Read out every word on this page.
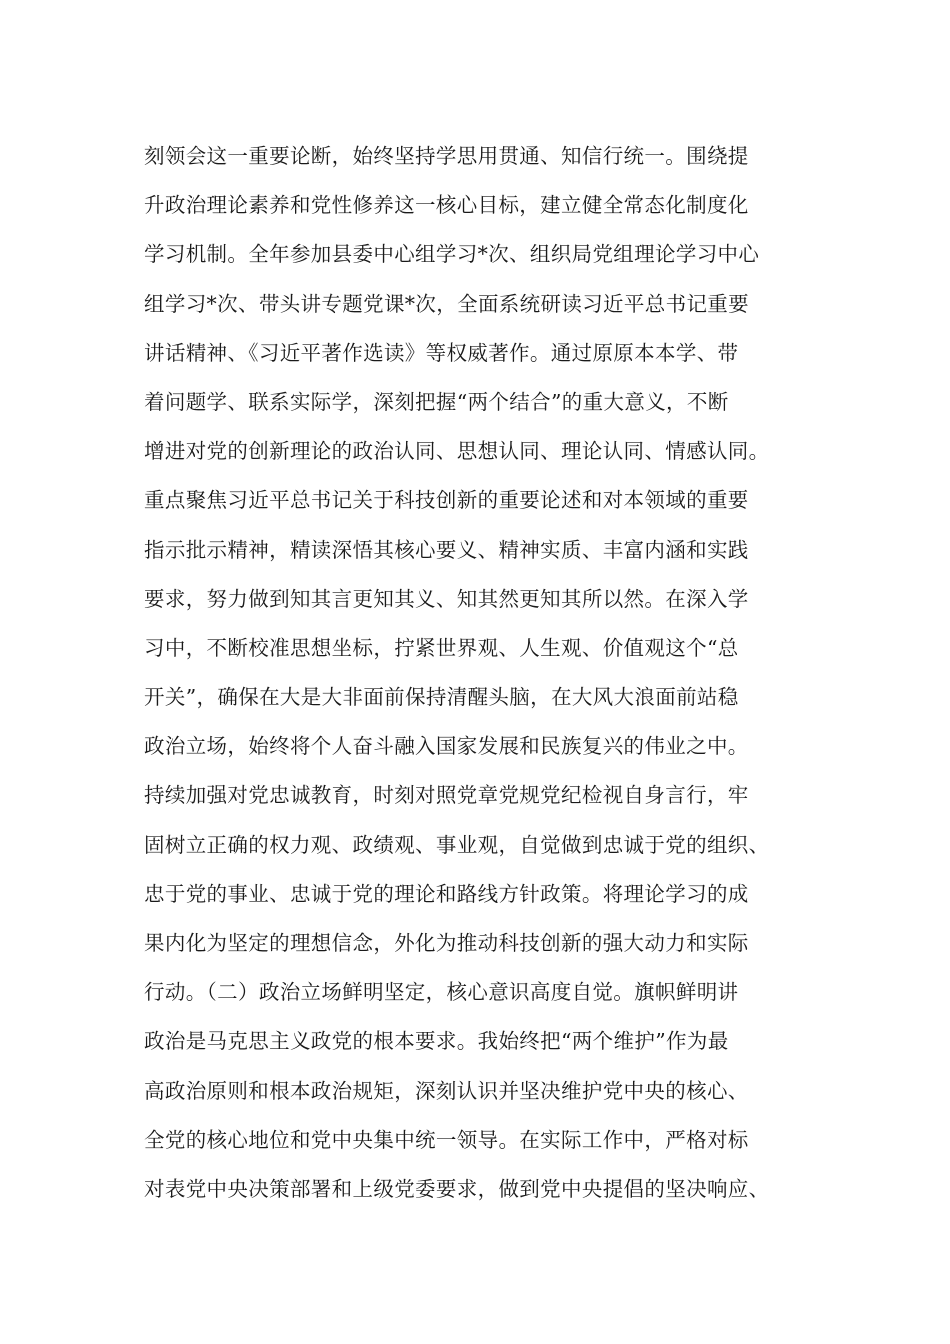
刻领会这一重要论断，始终坚持学思用贯通、知信行统一。围绕提
升政治理论素养和党性修养这一核心目标，建立健全常态化制度化
学习机制。全年参加县委中心组学习*次、组织局党组理论学习中心
组学习*次、带头讲专题党课*次，全面系统研读习近平总书记重要
讲话精神、《习近平著作选读》等权威著作。通过原原本本学、带
着问题学、联系实际学，深刻把握“两个结合”的重大意义，不断
增进对党的创新理论的政治认同、思想认同、理论认同、情感认同。
重点聚焦习近平总书记关于科技创新的重要论述和对本领域的重要
指示批示精神，精读深悟其核心要义、精神实质、丰富内涵和实践
要求，努力做到知其言更知其义、知其然更知其所以然。在深入学
习中，不断校准思想坐标，拧紧世界观、人生观、价值观这个“总
开关”，确保在大是大非面前保持清醒头脑，在大风大浪面前站稳
政治立场，始终将个人奋斗融入国家发展和民族复兴的伟业之中。
持续加强对党忠诚教育，时刻对照党章党规党纪检视自身言行，牢
固树立正确的权力观、政绩观、事业观，自觉做到忠诚于党的组织、
忠于党的事业、忠诚于党的理论和路线方针政策。将理论学习的成
果内化为坚定的理想信念，外化为推动科技创新的强大动力和实际
行动。（二）政治立场鲜明坚定，核心意识高度自觉。旗帜鲜明讲
政治是马克思主义政党的根本要求。我始终把“两个维护”作为最
高政治原则和根本政治规矩，深刻认识并坚决维护党中央的核心、
全党的核心地位和党中央集中统一领导。在实际工作中，严格对标
对表党中央决策部署和上级党委要求，做到党中央提倡的坚决响应、
